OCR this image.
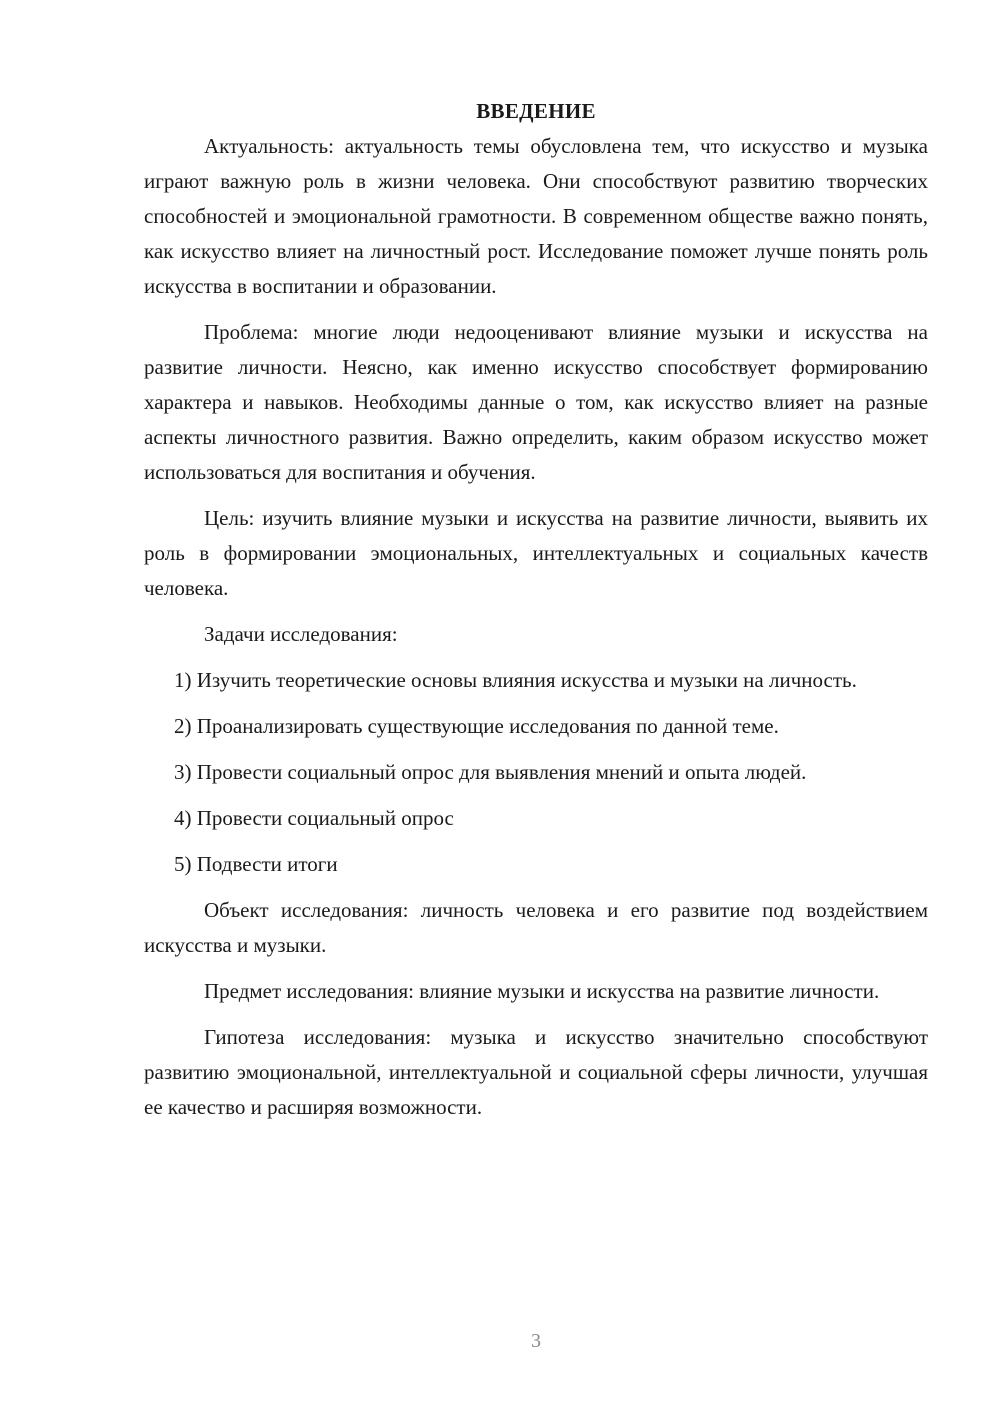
ВВЕДЕНИЕ

Актуальность: актуальность темы обусловлена тем, что искусство и музыка играют важную роль в жизни человека. Они способствуют развитию творческих способностей и эмоциональной грамотности. В современном обществе важно понять, как искусство влияет на личностный рост. Исследование поможет лучше понять роль искусства в воспитании и образовании.

Проблема: многие люди недооценивают влияние музыки и искусства на развитие личности. Неясно, как именно искусство способствует формированию характера и навыков. Необходимы данные о том, как искусство влияет на разные аспекты личностного развития. Важно определить, каким образом искусство может использоваться для воспитания и обучения.

Цель: изучить влияние музыки и искусства на развитие личности, выявить их роль в формировании эмоциональных, интеллектуальных и социальных качеств человека.

Задачи исследования:

1) Изучить теоретические основы влияния искусства и музыки на личность.

2) Проанализировать существующие исследования по данной теме.

3) Провести социальный опрос для выявления мнений и опыта людей.

4) Провести социальный опрос

5) Подвести итоги

Объект исследования: личность человека и его развитие под воздействием искусства и музыки.

Предмет исследования: влияние музыки и искусства на развитие личности.

Гипотеза исследования: музыка и искусство значительно способствуют развитию эмоциональной, интеллектуальной и социальной сферы личности, улучшая ее качество и расширяя возможности.

3
